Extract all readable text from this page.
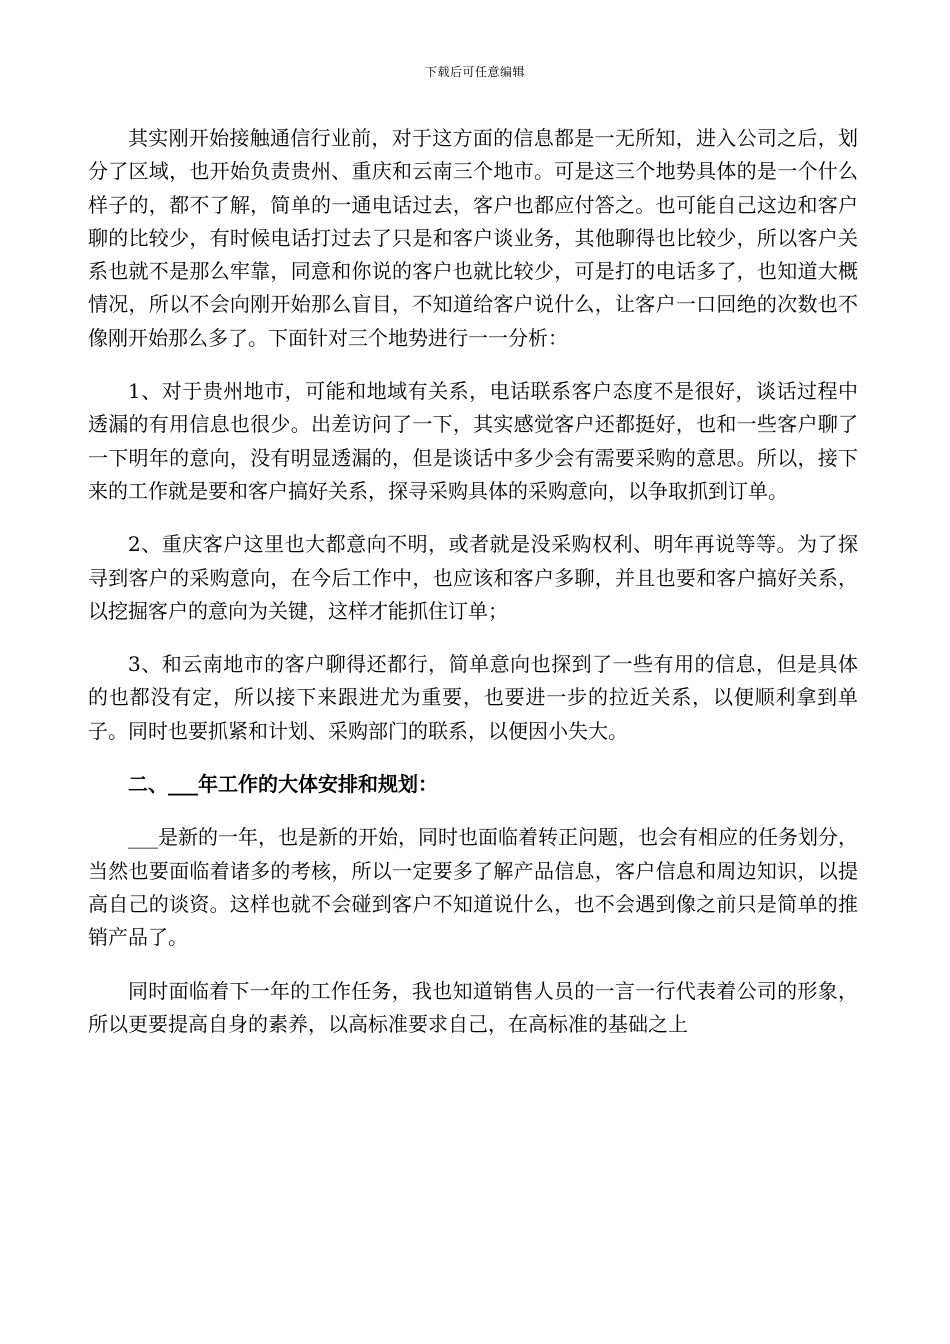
下载后可任意编辑

其实刚开始接触通信行业前，对于这方面的信息都是一无所知，进入公司之后，划分了区域，也开始负责贵州、重庆和云南三个地市。可是这三个地势具体的是一个什么样子的，都不了解，简单的一通电话过去，客户也都应付答之。也可能自己这边和客户聊的比较少，有时候电话打过去了只是和客户谈业务，其他聊得也比较少，所以客户关系也就不是那么牢靠，同意和你说的客户也就比较少，可是打的电话多了，也知道大概情况，所以不会向刚开始那么盲目，不知道给客户说什么，让客户一口回绝的次数也不像刚开始那么多了。下面针对三个地势进行一一分析：

1、对于贵州地市，可能和地域有关系，电话联系客户态度不是很好，谈话过程中透漏的有用信息也很少。出差访问了一下，其实感觉客户还都挺好，也和一些客户聊了一下明年的意向，没有明显透漏的，但是谈话中多少会有需要采购的意思。所以，接下来的工作就是要和客户搞好关系，探寻采购具体的采购意向，以争取抓到订单。

2、重庆客户这里也大都意向不明，或者就是没采购权利、明年再说等等。为了探寻到客户的采购意向，在今后工作中，也应该和客户多聊，并且也要和客户搞好关系，以挖掘客户的意向为关键，这样才能抓住订单；

3、和云南地市的客户聊得还都行，简单意向也探到了一些有用的信息，但是具体的也都没有定，所以接下来跟进尤为重要，也要进一步的拉近关系，以便顺利拿到单子。同时也要抓紧和计划、采购部门的联系，以便因小失大。

二、___年工作的大体安排和规划：

___是新的一年，也是新的开始，同时也面临着转正问题，也会有相应的任务划分，当然也要面临着诸多的考核，所以一定要多了解产品信息，客户信息和周边知识，以提高自己的谈资。这样也就不会碰到客户不知道说什么，也不会遇到像之前只是简单的推销产品了。

同时面临着下一年的工作任务，我也知道销售人员的一言一行代表着公司的形象，所以更要提高自身的素养，以高标准要求自己，在高标准的基础之上
